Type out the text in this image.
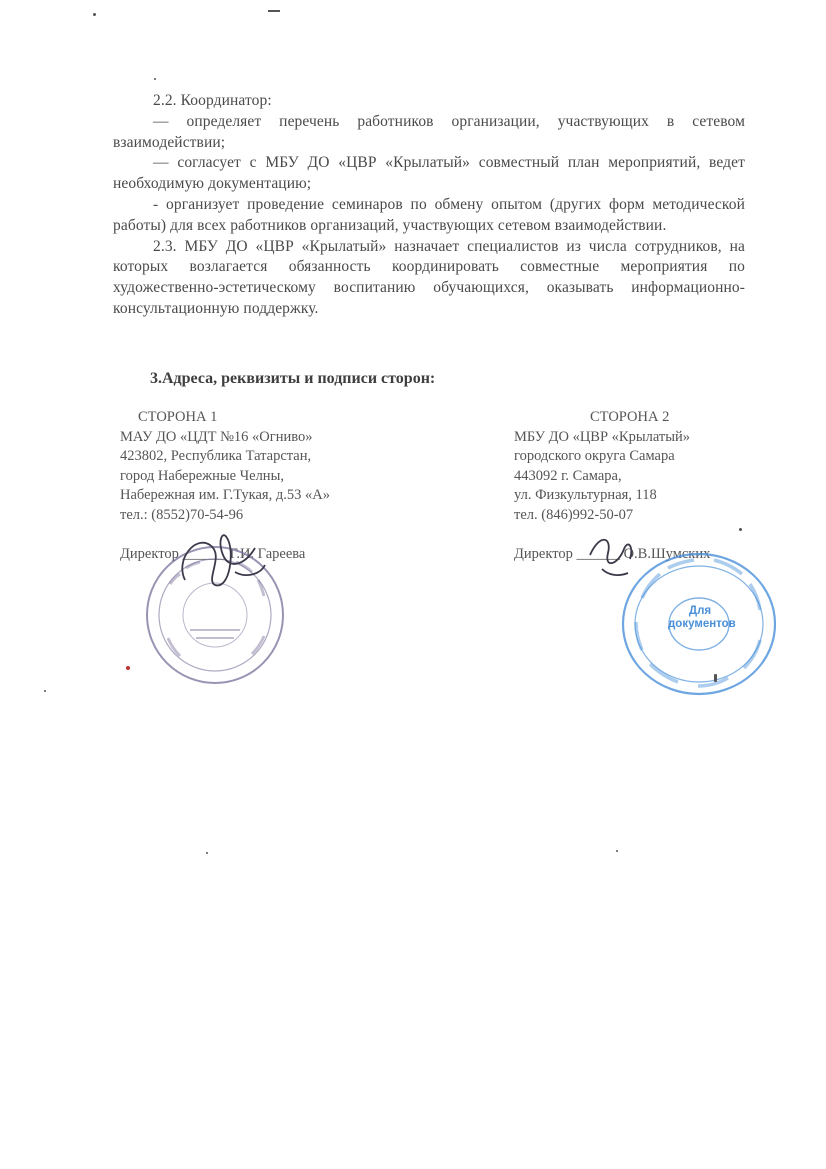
2.2. Координатор:

— определяет перечень работников организации, участвующих в сетевом взаимодействии;

— согласует с МБУ ДО «ЦВР «Крылатый» совместный план мероприятий, ведет необходимую документацию;

- организует проведение семинаров по обмену опытом (других форм методической работы) для всех работников организаций, участвующих сетевом взаимодействии.

2.3. МБУ ДО «ЦВР «Крылатый» назначает специалистов из числа сотрудников, на которых возлагается обязанность координировать совместные мероприятия по художественно-эстетическому воспитанию обучающихся, оказывать информационно-консультационную поддержку.

3.Адреса, реквизиты и подписи сторон:
СТОРОНА 1
МАУ ДО «ЦДТ №16 «Огниво»
423802, Республика Татарстан,
город Набережные Челны,
Набережная им. Г.Тукая, д.53 «А»
тел.: (8552)70-54-96
Директор ______ Г.И. Гареева
СТОРОНА 2
МБУ ДО «ЦВР «Крылатый»
городского округа Самара
443092 г. Самара,
ул. Физкультурная, 118
тел. (846)992-50-07
Директор ______ О.В.Шумских
Для документов
